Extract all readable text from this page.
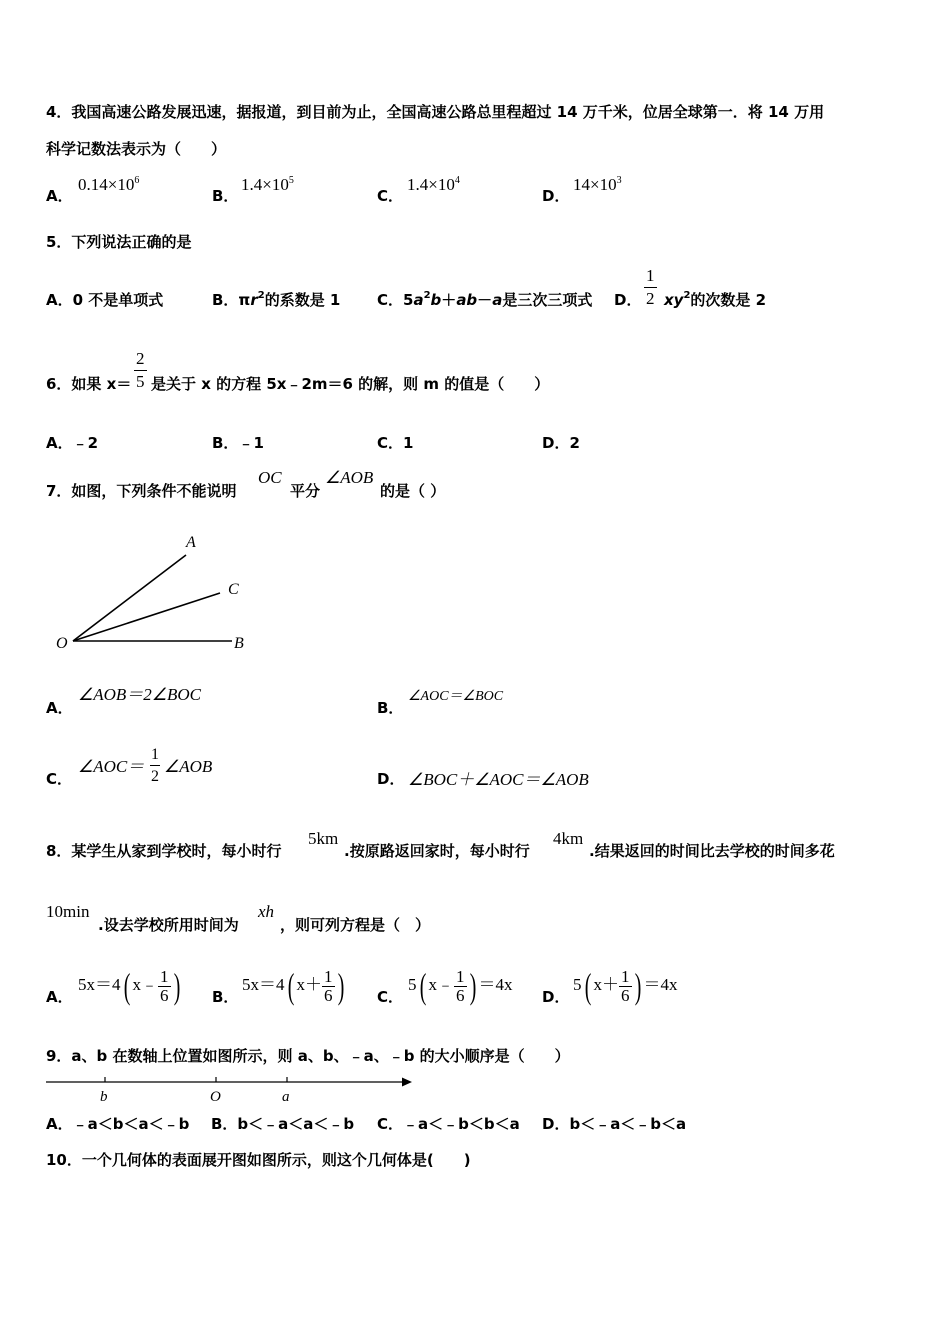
4．我国高速公路发展迅速，据报道，到目前为止，全国高速公路总里程超过 14 万千米，位居全球第一．将 14 万用
科学记数法表示为（　　）
A．
$0.14\times 10^6$
B．
$1.4\times 10^5$
C．
$1.4\times 10^4$
D．
$14\times 10^3$
5．下列说法正确的是
A．0 不是单项式	B．$\pi r^2$的系数是 1 C．$5a^2b+ab-a$是三次三项式 D．
1
2 $xy^2$的次数是 2
6．如果 x＝
2
5 是关于 x 的方程 5x﹣2m＝6 的解，则 m 的值是（　　）
A．﹣2	B．﹣1	C．1	D．2
7．如图，下列条件不能说明
OC
平分
∠AOB
的是（ ）
A
C
B
O
A．
∠AOB＝2∠BOC
B．
∠AOC＝∠BOC
C．
∠AOC＝
1
2
∠AOB
D． ∠BOC＋∠AOC＝∠AOB
8．某学生从家到学校时，每小时行
5km
.按原路返回家时，每小时行
4km
.结果返回的时间比去学校的时间多花
10min
.设去学校所用时间为
xh
，则可列方程是（　）
A．
5x＝4( x﹣ $\frac{1}{6}$ ) B．
5x＝4( $x+ \frac{1}{6}$ ) C．
5( x﹣ $\frac{1}{6}$ ) ＝4x
D．
5( $x+ \frac{1}{6}$ ) ＝4x
9．a、b 在数轴上位置如图所示，则 a、b、﹣a、﹣b 的大小顺序是（　　）
b	O	a
A．﹣a＜b＜a＜﹣b B．b＜﹣a＜a＜﹣b C．﹣a＜﹣b＜b＜a D．b＜﹣a＜﹣b＜a
10．一个几何体的表面展开图如图所示，则这个几何体是(　　)
